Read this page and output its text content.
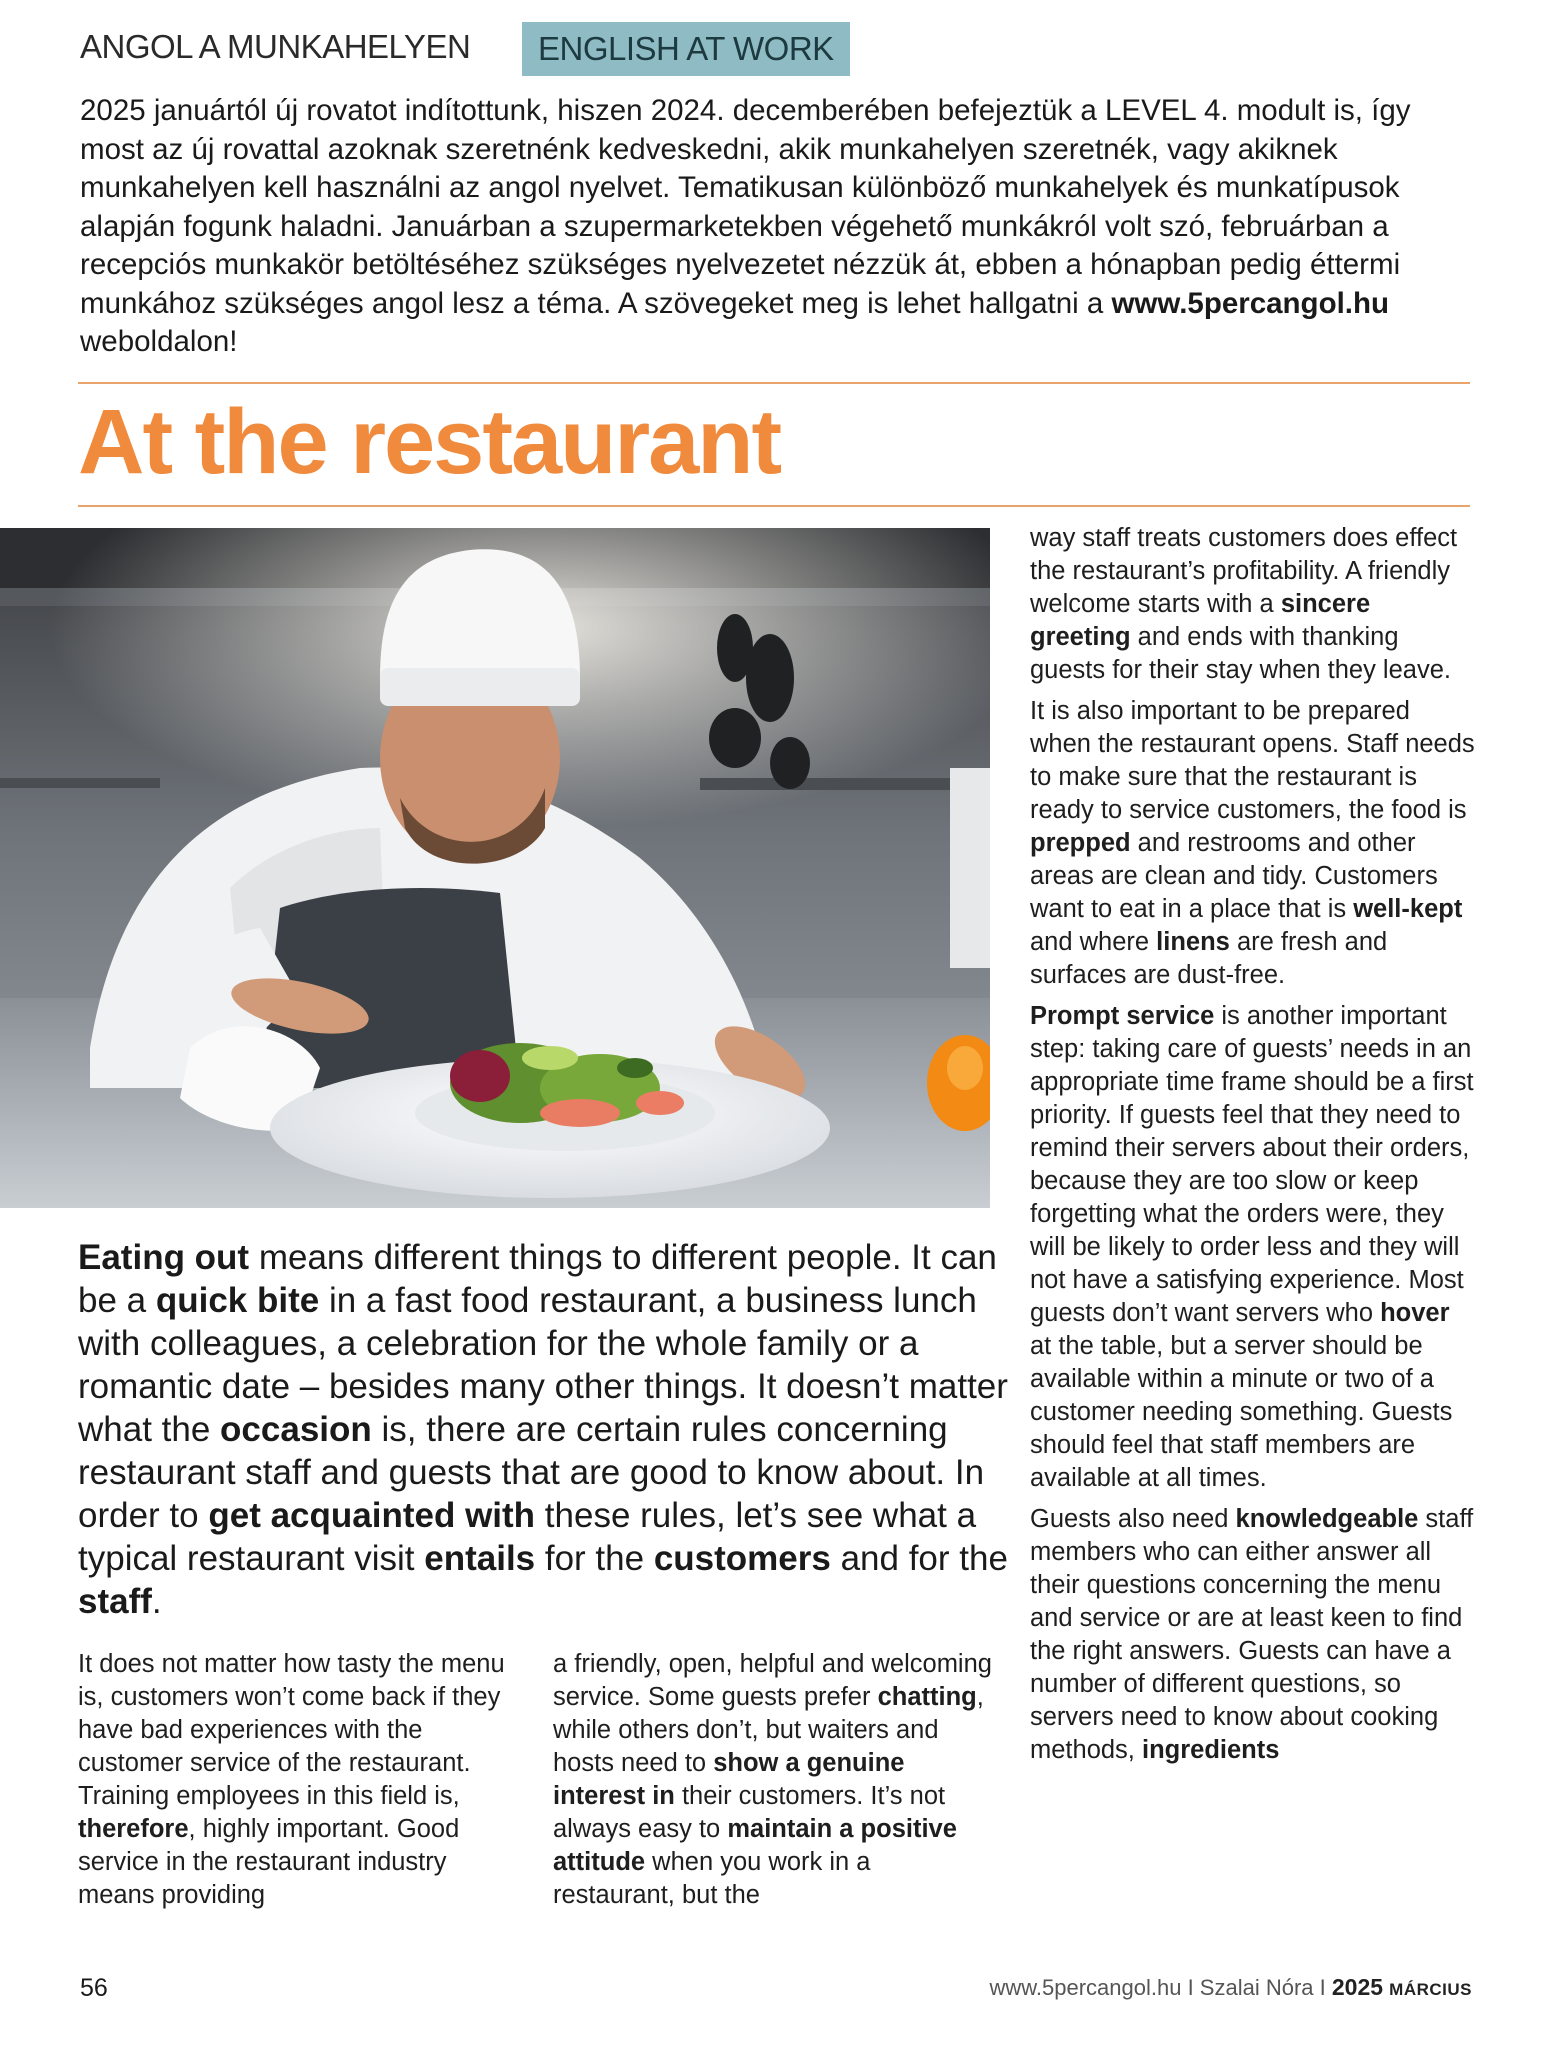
ANGOL A MUNKAHELYEN	ENGLISH AT WORK

2025 januártól új rovatot indítottunk, hiszen 2024. decemberében befejeztük a LEVEL 4. modult is, így most az új rovattal azoknak szeretnénk kedveskedni, akik munkahelyen szeretnék, vagy akiknek munkahelyen kell használni az angol nyelvet. Tematikusan különböző munkahelyek és munkatípusok alapján fogunk haladni. Januárban a szupermarketekben végehető munkákról volt szó, februárban a recepciós munkakör betöltéséhez szükséges nyelvezetet nézzük át, ebben a hónapban pedig éttermi munkához szükséges angol lesz a téma. A szövegeket meg is lehet hallgatni a www.5percangol.hu weboldalon!

At the restaurant

Eating out means different things to different people. It can be a quick bite in a fast food restaurant, a business lunch with colleagues, a celebration for the whole family or a romantic date – besides many other things. It doesn’t matter what the occasion is, there are certain rules concerning restaurant staff and guests that are good to know about. In order to get acquainted with these rules, let’s see what a typical restaurant visit entails for the customers and for the staff.

It does not matter how tasty the menu is, customers won’t come back if they have bad experiences with the customer service of the restaurant. Training employees in this field is, therefore, highly important. Good service in the restaurant industry means providing

a friendly, open, helpful and welcoming service. Some guests prefer chatting, while others don’t, but waiters and hosts need to show a genuine interest in their customers. It’s not always easy to maintain a positive attitude when you work in a restaurant, but the

way staff treats customers does effect the restaurant’s profitability. A friendly welcome starts with a sincere greeting and ends with thanking guests for their stay when they leave.

It is also important to be prepared when the restaurant opens. Staff needs to make sure that the restaurant is ready to service customers, the food is prepped and restrooms and other areas are clean and tidy. Customers want to eat in a place that is well-kept and where linens are fresh and surfaces are dust-free.

Prompt service is another important step: taking care of guests’ needs in an appropriate time frame should be a first priority. If guests feel that they need to remind their servers about their orders, because they are too slow or keep forgetting what the orders were, they will be likely to order less and they will not have a satisfying experience. Most guests don’t want servers who hover at the table, but a server should be available within a minute or two of a customer needing something. Guests should feel that staff members are available at all times.

Guests also need knowledgeable staff members who can either answer all their questions concerning the menu and service or are at least keen to find the right answers. Guests can have a number of different questions, so servers need to know about cooking methods, ingredients

56	www.5percangol.hu I Szalai Nóra I 2025 MÁRCIUS
